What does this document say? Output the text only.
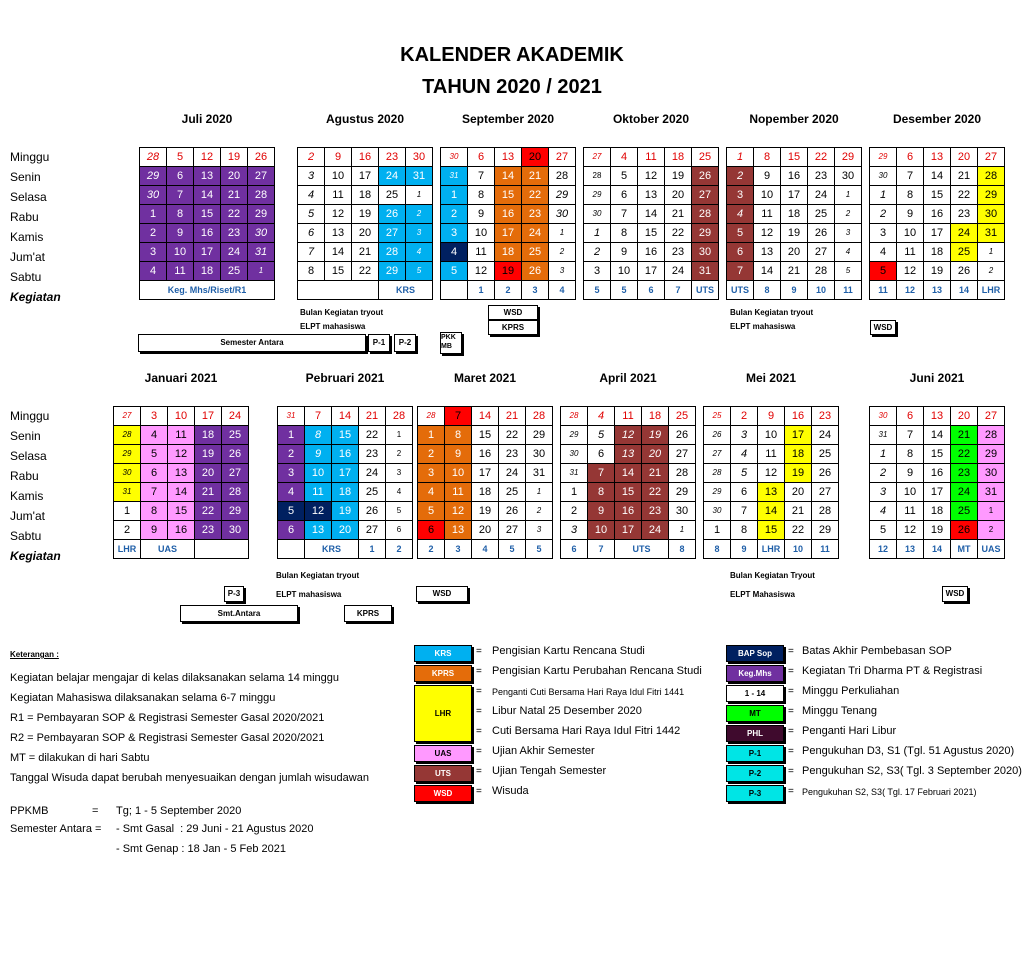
KALENDER AKADEMIK
TAHUN 2020 / 2021
Minggu
Senin
Selasa
Rabu
Kamis
Jum'at
Sabtu
Kegiatan
Minggu
Senin
Selasa
Rabu
Kamis
Jum'at
Sabtu
Kegiatan
Juli 2020
28	5	12	19	26
29	6	13	20	27
30	7	14	21	28
1	8	15	22	29
2	9	16	23	30
3	10	17	24	31
4	11	18	25	1
Keg. Mhs/Riset/R1				
Agustus 2020
2	9	16	23	30
3	10	17	24	31
4	11	18	25	1
5	12	19	26	2
6	13	20	27	3
7	14	21	28	4
8	15	22	29	5
			KRS	
September 2020
30	6	13	20	27
31	7	14	21	28
1	8	15	22	29
2	9	16	23	30
3	10	17	24	1
4	11	18	25	2
5	12	19	26	3
	1	2	3	4
Oktober 2020
27	4	11	18	25
28	5	12	19	26
29	6	13	20	27
30	7	14	21	28
1	8	15	22	29
2	9	16	23	30
3	10	17	24	31
5	5	6	7	UTS
Nopember 2020
1	8	15	22	29
2	9	16	23	30
3	10	17	24	1
4	11	18	25	2
5	12	19	26	3
6	13	20	27	4
7	14	21	28	5
UTS	8	9	10	11
Desember 2020
29	6	13	20	27
30	7	14	21	28
1	8	15	22	29
2	9	16	23	30
3	10	17	24	31
4	11	18	25	1
5	12	19	26	2
11	12	13	14	LHR
Januari 2021
27	3	10	17	24
28	4	11	18	25
29	5	12	19	26
30	6	13	20	27
31	7	14	21	28
1	8	15	22	29
2	9	16	23	30
LHR	UAS			
Pebruari 2021
31	7	14	21	28
1	8	15	22	1
2	9	16	23	2
3	10	17	24	3
4	11	18	25	4
5	12	19	26	5
6	13	20	27	6
	KRS		1	2
Maret 2021
28	7	14	21	28
1	8	15	22	29
2	9	16	23	30
3	10	17	24	31
4	11	18	25	1
5	12	19	26	2
6	13	20	27	3
2	3	4	5	5
April 2021
28	4	11	18	25
29	5	12	19	26
30	6	13	20	27
31	7	14	21	28
1	8	15	22	29
2	9	16	23	30
3	10	17	24	1
6	7	UTS		8
Mei 2021
25	2	9	16	23
26	3	10	17	24
27	4	11	18	25
28	5	12	19	26
29	6	13	20	27
30	7	14	21	28
1	8	15	22	29
8	9	LHR	10	11
Juni 2021
30	6	13	20	27
31	7	14	21	28
1	8	15	22	29
2	9	16	23	30
3	10	17	24	31
4	11	18	25	1
5	12	19	26	2
12	13	14	MT	UAS
Bulan Kegiatan tryout
ELPT mahasiswa
Semester Antara	P-1	P-2
PKK MB
WSD
KPRS
Bulan Kegiatan tryout
ELPT mahasiswa	WSD
Bulan Kegiatan tryout
ELPT mahasiswa
P-3
Smt.Antara	KPRS
WSD
Bulan Kegiatan Tryout
ELPT Mahasiswa	WSD
Keterangan :
Kegiatan belajar mengajar di kelas dilaksanakan selama 14 minggu
Kegiatan Mahasiswa dilaksanakan selama 6-7 minggu
R1 = Pembayaran SOP & Registrasi Semester Gasal 2020/2021
R2 = Pembayaran SOP & Registrasi Semester Gasal 2020/2021
MT = dilakukan di hari Sabtu
Tanggal Wisuda dapat berubah menyesuaikan dengan jumlah wisudawan
PPKMB	= Tg; 1 - 5 September 2020
Semester Antara = - Smt Gasal  : 29 Juni - 21 Agustus 2020
- Smt Genap : 18 Jan - 5 Feb 2021
KRS	= Pengisian Kartu Rencana Studi
KPRS	= Pengisian Kartu Perubahan Rencana Studi
= Penganti Cuti Bersama Hari Raya Idul Fitri 1441
LHR	= Libur Natal 25 Desember 2020
= Cuti Bersama Hari Raya Idul Fitri 1442
UAS	= Ujian Akhir Semester
UTS	= Ujian Tengah Semester
WSD	= Wisuda
BAP Sop	= Batas Akhir Pembebasan SOP
Keg.Mhs	= Kegiatan Tri Dharma PT & Registrasi
1 - 14	= Minggu Perkuliahan
MT	= Minggu Tenang
PHL	= Penganti Hari Libur
P-1	= Pengukuhan D3, S1 (Tgl. 51 Agustus 2020)
P-2	= Pengukuhan S2, S3( Tgl. 3 September 2020)
P-3	= Pengukuhan S2, S3( Tgl. 17 Februari 2021)
